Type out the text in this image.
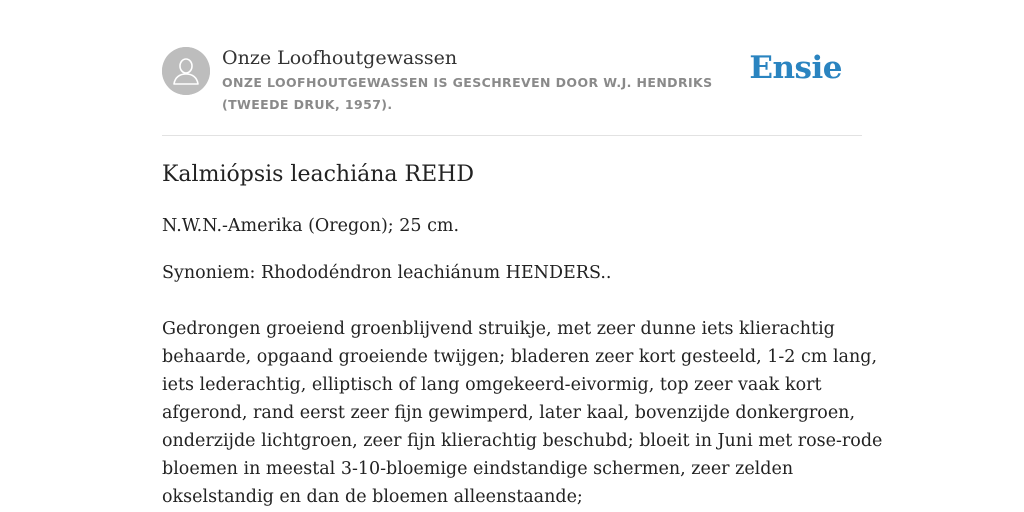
Onze Loofhoutgewassen
ONZE LOOFHOUTGEWASSEN IS GESCHREVEN DOOR W.J. HENDRIKS (TWEEDE DRUK, 1957).
Ensie
Kalmiópsis leachiána REHD
N.W.N.-Amerika (Oregon); 25 cm.
Synoniem: Rhododéndron leachiánum HENDERS..
Gedrongen groeiend groenblijvend struikje, met zeer dunne iets klierachtig
behaarde, opgaand groeiende twijgen; bladeren zeer kort gesteeld, 1-2 cm lang,
iets lederachtig, elliptisch of lang omgekeerd-eivormig, top zeer vaak kort
afgerond, rand eerst zeer fijn gewimperd, later kaal, bovenzijde donkergroen,
onderzijde lichtgroen, zeer fijn klierachtig beschubd; bloeit in Juni met rose-rode
bloemen in meestal 3-10-bloemige eindstandige schermen, zeer zelden
okselstandig en dan de bloemen alleenstaande;
